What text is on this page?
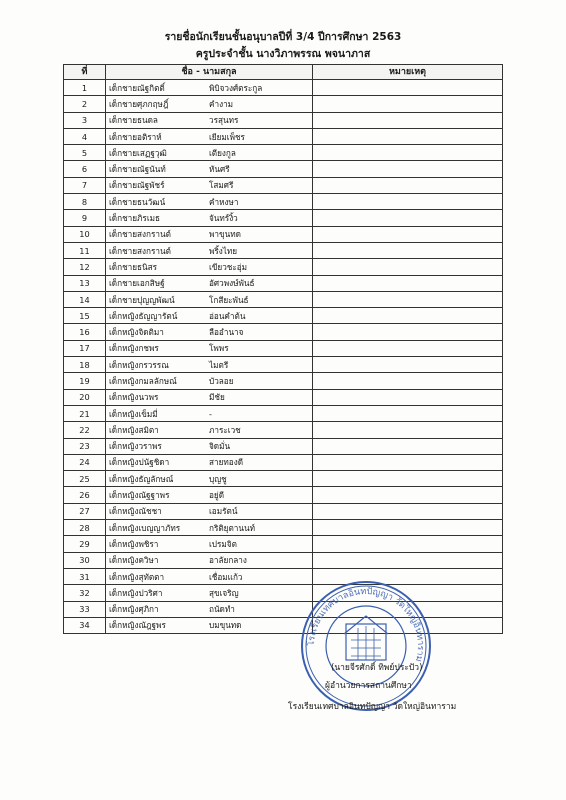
รายชื่อนักเรียนชั้นอนุบาลปีที่ 3/4 ปีการศึกษา 2563
ครูประจำชั้น นางวิภาพรรณ พจนาภาส
ที่	ชื่อ - นามสกุล	หมายเหตุ
1	เด็กชายณัฐกิตติ์ พิบิจวงศ์ตระกูล	
2	เด็กชายศุภกฤษฎิ์ คำงาม	
3	เด็กชายธนดล วรสุนทร	
4	เด็กชายอติราห์ เยียมเพ็ชร	
5	เด็กชายเสฏฐวุฒิ เตียงกูล	
6	เด็กชายณัฐนันท์ หันศรี	
7	เด็กชายณัฐพัชร์ โสมศรี	
8	เด็กชายธนวัฒน์ คำหงษา	
9	เด็กชายภิรเมธ จันทร์งิ้ว	
10	เด็กชายสงกรานต์ พาขุนทด	
11	เด็กชายสงกรานต์ พริ้งไทย	
12	เด็กชายธนิสร เขียวชะอุ่ม	
13	เด็กชายเอกสิษฐ์ อัศวพงษ์พันธ์	
14	เด็กชายปุญญพัฒน์ โกสียะพันธ์	
15	เด็กหญิงธัญญารัตน์ อ่อนคำต้น	
16	เด็กหญิงจิดติมา ลืออำนาจ	
17	เด็กหญิงกชพร โพพร	
18	เด็กหญิงกรวรรณ ไมตรี	
19	เด็กหญิงกมลลักษณ์ บัวลอย	
20	เด็กหญิงนวพร มีชัย	
21	เด็กหญิงเข็มมี่ -	
22	เด็กหญิงสมิตา ภาระเวช	
23	เด็กหญิงวราพร จิดมั่น	
24	เด็กหญิงปนัฐชิดา สายทองดี	
25	เด็กหญิงธัญลักษณ์ บุญชู	
26	เด็กหญิงณัฐฐาพร อยู่ดี	
27	เด็กหญิงณัชชา เอมรัตน์	
28	เด็กหญิงเบญญาภัทร กริติยุตานนท์	
29	เด็กหญิงพชิรา เปรมจิต	
30	เด็กหญิงควิษา อาลัยกลาง	
31	เด็กหญิงสุทัตตา เชื่อมแก้ว	
32	เด็กหญิงปวริศา สุขเจริญ	
33	เด็กหญิงศุภิกา ถนัดทำ	
34	เด็กหญิงณัฎฐพร บมขุนทด	
โรงเรียนเทศบาลอินทปัญญา วัดใหญ่อินทาราม
(นายจีรศักดิ์ ทิพย์ประปัว)
ผู้อำนวยการสถานศึกษา
โรงเรียนเทศบาลอินทปัญญา วัดใหญ่อินทาราม
